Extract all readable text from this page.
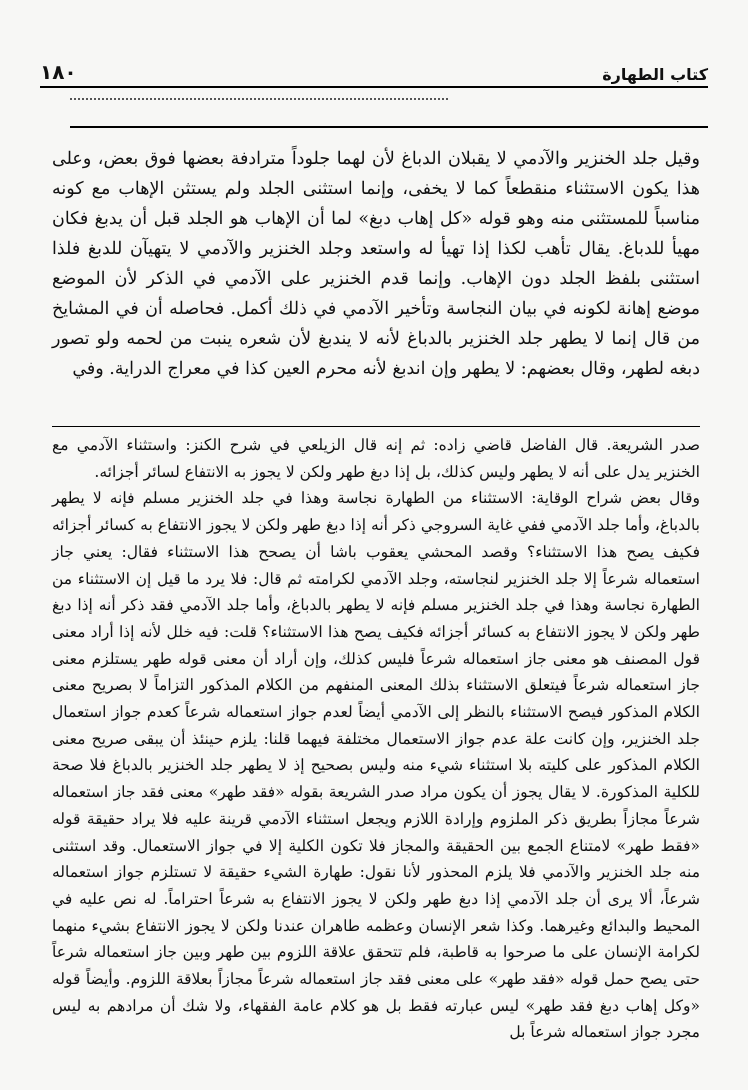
كتاب الطهارة
١٨٠

وقيل جلد الخنزير والآدمي لا يقبلان الدباغ لأن لهما جلوداً مترادفة بعضها فوق بعض، وعلى هذا يكون الاستثناء منقطعاً كما لا يخفى، وإنما استثنى الجلد ولم يستثن الإهاب مع كونه مناسباً للمستثنى منه وهو قوله «كل إهاب دبغ» لما أن الإهاب هو الجلد قبل أن يدبغ فكان مهيأ للدباغ. يقال تأهب لكذا إذا تهيأ له واستعد وجلد الخنزير والآدمي لا يتهيآن للدبغ فلذا استثنى بلفظ الجلد دون الإهاب. وإنما قدم الخنزير على الآدمي في الذكر لأن الموضع موضع إهانة لكونه في بيان النجاسة وتأخير الآدمي في ذلك أكمل. فحاصله أن في المشايخ من قال إنما لا يطهر جلد الخنزير بالدباغ لأنه لا يندبغ لأن شعره ينبت من لحمه ولو تصور دبغه لطهر، وقال بعضهم: لا يطهر وإن اندبغ لأنه محرم العين كذا في معراج الدراية. وفي

صدر الشريعة. قال الفاضل قاضي زاده: ثم إنه قال الزيلعي في شرح الكنز: واستثناء الآدمي مع الخنزير يدل على أنه لا يطهر وليس كذلك، بل إذا دبغ طهر ولكن لا يجوز به الانتفاع لسائر أجزائه.

وقال بعض شراح الوقاية: الاستثناء من الطهارة نجاسة وهذا في جلد الخنزير مسلم فإنه لا يطهر بالدباغ، وأما جلد الآدمي ففي غاية السروجي ذكر أنه إذا دبغ طهر ولكن لا يجوز الانتفاع به كسائر أجزائه فكيف يصح هذا الاستثناء؟ وقصد المحشي يعقوب باشا أن يصحح هذا الاستثناء فقال: يعني جاز استعماله شرعاً إلا جلد الخنزير لنجاسته، وجلد الآدمي لكرامته ثم قال: فلا يرد ما قيل إن الاستثناء من الطهارة نجاسة وهذا في جلد الخنزير مسلم فإنه لا يطهر بالدباغ، وأما جلد الآدمي فقد ذكر أنه إذا دبغ طهر ولكن لا يجوز الانتفاع به كسائر أجزائه فكيف يصح هذا الاستثناء؟ قلت: فيه خلل لأنه إذا أراد معنى قول المصنف هو معنى جاز استعماله شرعاً فليس كذلك، وإن أراد أن معنى قوله طهر يستلزم معنى جاز استعماله شرعاً فيتعلق الاستثناء بذلك المعنى المنفهم من الكلام المذكور التزاماً لا بصريح معنى الكلام المذكور فيصح الاستثناء بالنظر إلى الآدمي أيضاً لعدم جواز استعماله شرعاً كعدم جواز استعمال جلد الخنزير، وإن كانت علة عدم جواز الاستعمال مختلفة فيهما قلنا: يلزم حينئذ أن يبقى صريح معنى الكلام المذكور على كليته بلا استثناء شيء منه وليس بصحيح إذ لا يطهر جلد الخنزير بالدباغ فلا صحة للكلية المذكورة. لا يقال يجوز أن يكون مراد صدر الشريعة بقوله «فقد طهر» معنى فقد جاز استعماله شرعاً مجازاً بطريق ذكر الملزوم وإرادة اللازم ويجعل استثناء الآدمي قرينة عليه فلا يراد حقيقة قوله «فقط طهر» لامتناع الجمع بين الحقيقة والمجاز فلا تكون الكلية إلا في جواز الاستعمال. وقد استثنى منه جلد الخنزير والآدمي فلا يلزم المحذور لأنا نقول: طهارة الشيء حقيقة لا تستلزم جواز استعماله شرعاً، ألا يرى أن جلد الآدمي إذا دبغ طهر ولكن لا يجوز الانتفاع به شرعاً احتراماً. له نص عليه في المحيط والبدائع وغيرهما. وكذا شعر الإنسان وعظمه طاهران عندنا ولكن لا يجوز الانتفاع بشيء منهما لكرامة الإنسان على ما صرحوا به قاطبة، فلم تتحقق علاقة اللزوم بين طهر وبين جاز استعماله شرعاً حتى يصح حمل قوله «فقد طهر» على معنى فقد جاز استعماله شرعاً مجازاً بعلاقة اللزوم. وأيضاً قوله «وكل إهاب دبغ فقد طهر» ليس عبارته فقط بل هو كلام عامة الفقهاء، ولا شك أن مرادهم به ليس مجرد جواز استعماله شرعاً بل
